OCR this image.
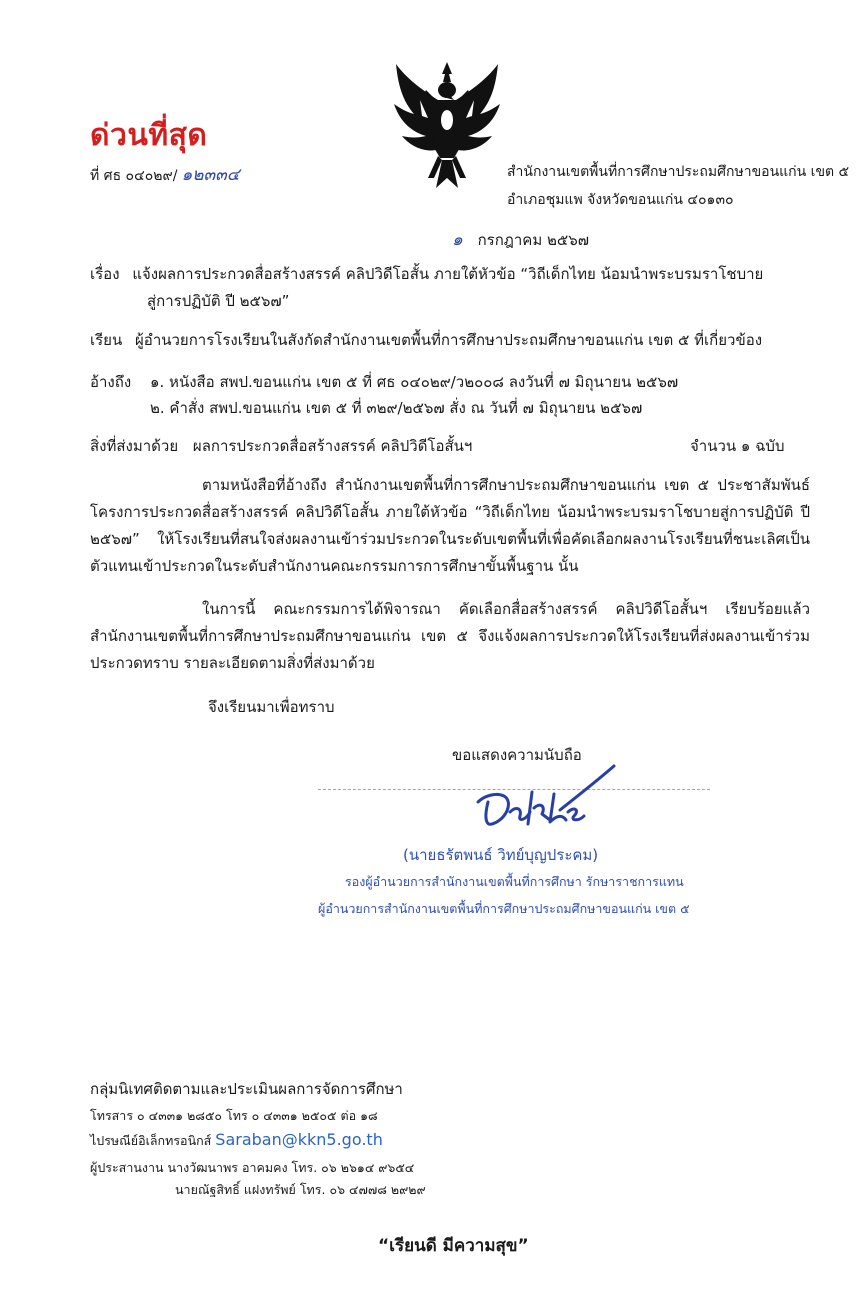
ด่วนที่สุด
ที่ ศธ ๐๔๐๒๙/ ๑๒๓๓๔	สำนักงานเขตพื้นที่การศึกษาประถมศึกษาขอนแก่น เขต ๕
อำเภอชุมแพ จังหวัดขอนแก่น ๔๐๑๓๐
๑ กรกฎาคม ๒๕๖๗
เรื่อง แจ้งผลการประกวดสื่อสร้างสรรค์ คลิปวิดีโอสั้น ภายใต้หัวข้อ “วิถีเด็กไทย น้อมนำพระบรมราโชบาย
สู่การปฏิบัติ ปี ๒๕๖๗”
เรียน ผู้อำนวยการโรงเรียนในสังกัดสำนักงานเขตพื้นที่การศึกษาประถมศึกษาขอนแก่น เขต ๕ ที่เกี่ยวข้อง
อ้างถึง ๑. หนังสือ สพป.ขอนแก่น เขต ๕ ที่ ศธ ๐๔๐๒๙/ว๒๐๐๘ ลงวันที่ ๗ มิถุนายน ๒๕๖๗
๒. คำสั่ง สพป.ขอนแก่น เขต ๕ ที่ ๓๒๙/๒๕๖๗ สั่ง ณ วันที่ ๗ มิถุนายน ๒๕๖๗
สิ่งที่ส่งมาด้วย ผลการประกวดสื่อสร้างสรรค์ คลิปวิดีโอสั้นฯ	จำนวน ๑ ฉบับ
ตามหนังสือที่อ้างถึง สำนักงานเขตพื้นที่การศึกษาประถมศึกษาขอนแก่น เขต ๕ ประชาสัมพันธ์โครงการประกวดสื่อสร้างสรรค์ คลิปวิดีโอสั้น ภายใต้หัวข้อ “วิถีเด็กไทย น้อมนำพระบรมราโชบายสู่การปฏิบัติ ปี ๒๕๖๗” ให้โรงเรียนที่สนใจส่งผลงานเข้าร่วมประกวดในระดับเขตพื้นที่เพื่อคัดเลือกผลงานโรงเรียนที่ชนะเลิศเป็นตัวแทนเข้าประกวดในระดับสำนักงานคณะกรรมการการศึกษาขั้นพื้นฐาน นั้น
ในการนี้ คณะกรรมการได้พิจารณา คัดเลือกสื่อสร้างสรรค์ คลิปวิดีโอสั้นฯ เรียบร้อยแล้ว สำนักงานเขตพื้นที่การศึกษาประถมศึกษาขอนแก่น เขต ๕ จึงแจ้งผลการประกวดให้โรงเรียนที่ส่งผลงานเข้าร่วมประกวดทราบ รายละเอียดตามสิ่งที่ส่งมาด้วย
จึงเรียนมาเพื่อทราบ
ขอแสดงความนับถือ
(นายธรัตพนธ์ วิทย์บุญประคม)
รองผู้อำนวยการสำนักงานเขตพื้นที่การศึกษา รักษาราชการแทน
ผู้อำนวยการสำนักงานเขตพื้นที่การศึกษาประถมศึกษาขอนแก่น เขต ๕
กลุ่มนิเทศติดตามและประเมินผลการจัดการศึกษา
โทรสาร ๐ ๔๓๓๑ ๒๘๕๐ โทร ๐ ๔๓๓๑ ๒๕๐๕ ต่อ ๑๘
ไปรษณีย์อิเล็กทรอนิกส์ Saraban@kkn5.go.th
ผู้ประสานงาน นางวัฒนาพร อาคมคง โทร. ๐๖ ๒๖๑๔ ๙๖๕๔
นายณัฐสิทธิ์ แฝงทรัพย์ โทร. ๐๖ ๔๗๗๘ ๒๙๒๙
“เรียนดี มีความสุข”
